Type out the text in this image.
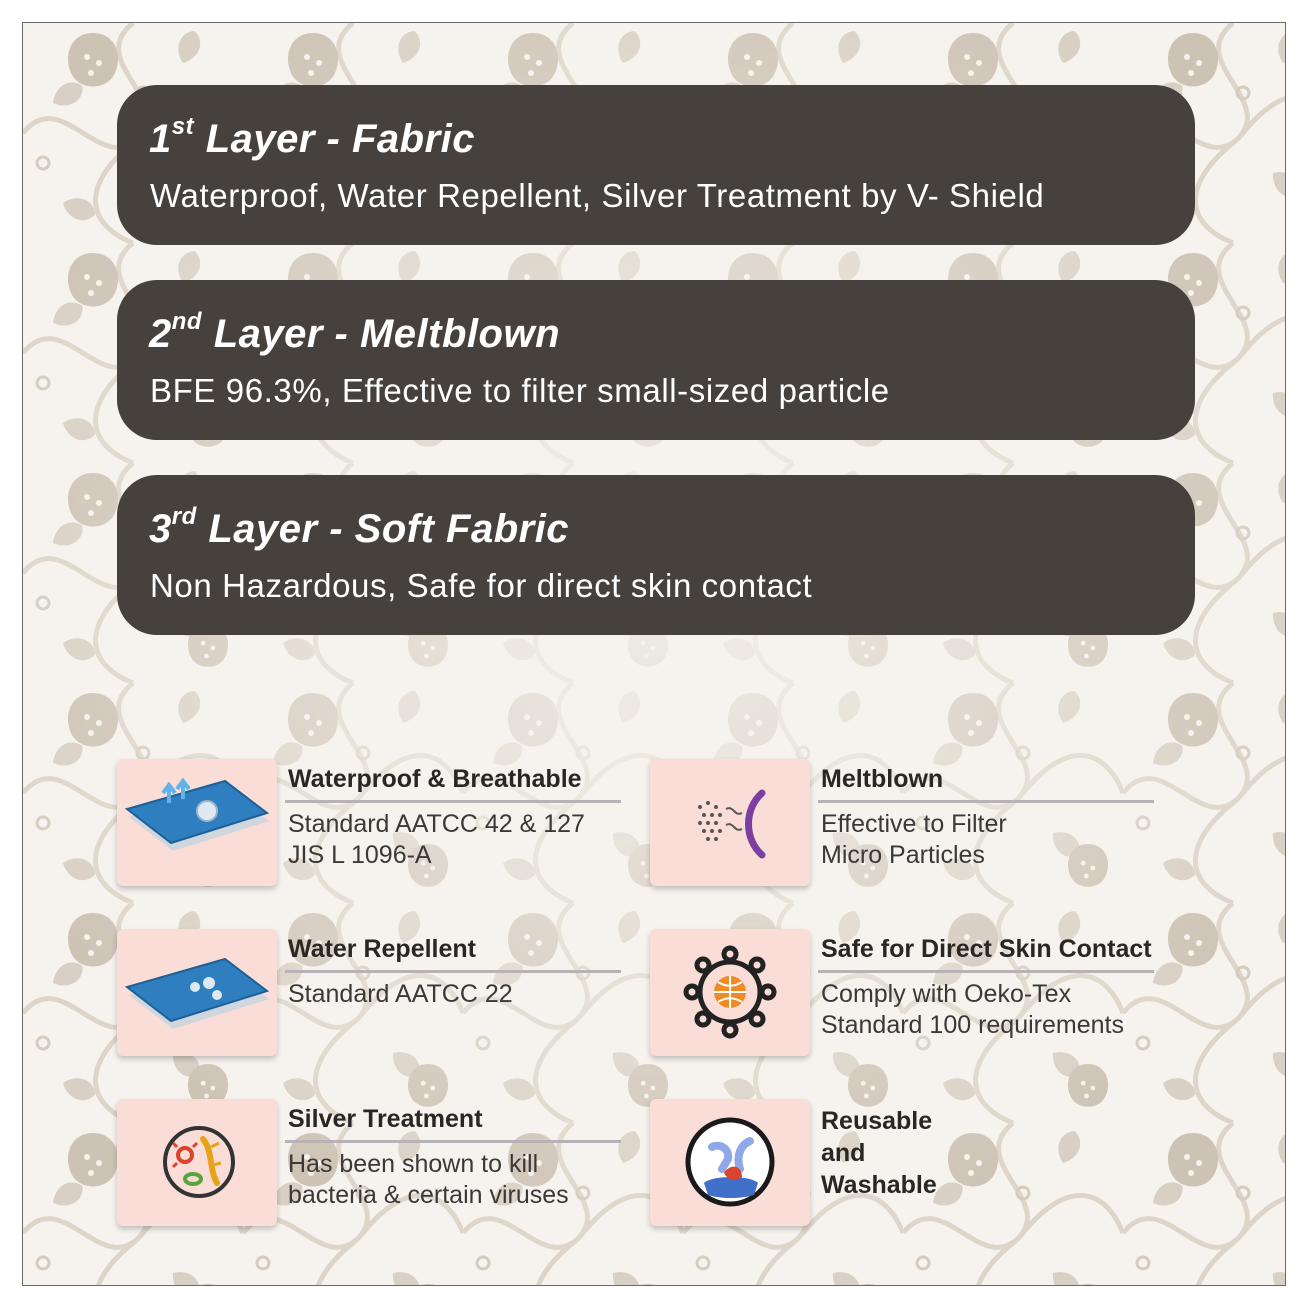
1st Layer - Fabric
Waterproof, Water Repellent, Silver Treatment by V- Shield
2nd Layer - Meltblown
BFE 96.3%, Effective to filter small-sized particle
3rd Layer - Soft Fabric
Non Hazardous, Safe for direct skin contact
Waterproof & Breathable
Standard AATCC 42 & 127
JIS L 1096-A
Meltblown
Effective to Filter
Micro Particles
Water Repellent
Standard AATCC 22
Safe for Direct Skin Contact
Comply with Oeko-Tex
Standard 100 requirements
Silver Treatment
Has been shown to kill
bacteria & certain viruses
Reusable
and
Washable
